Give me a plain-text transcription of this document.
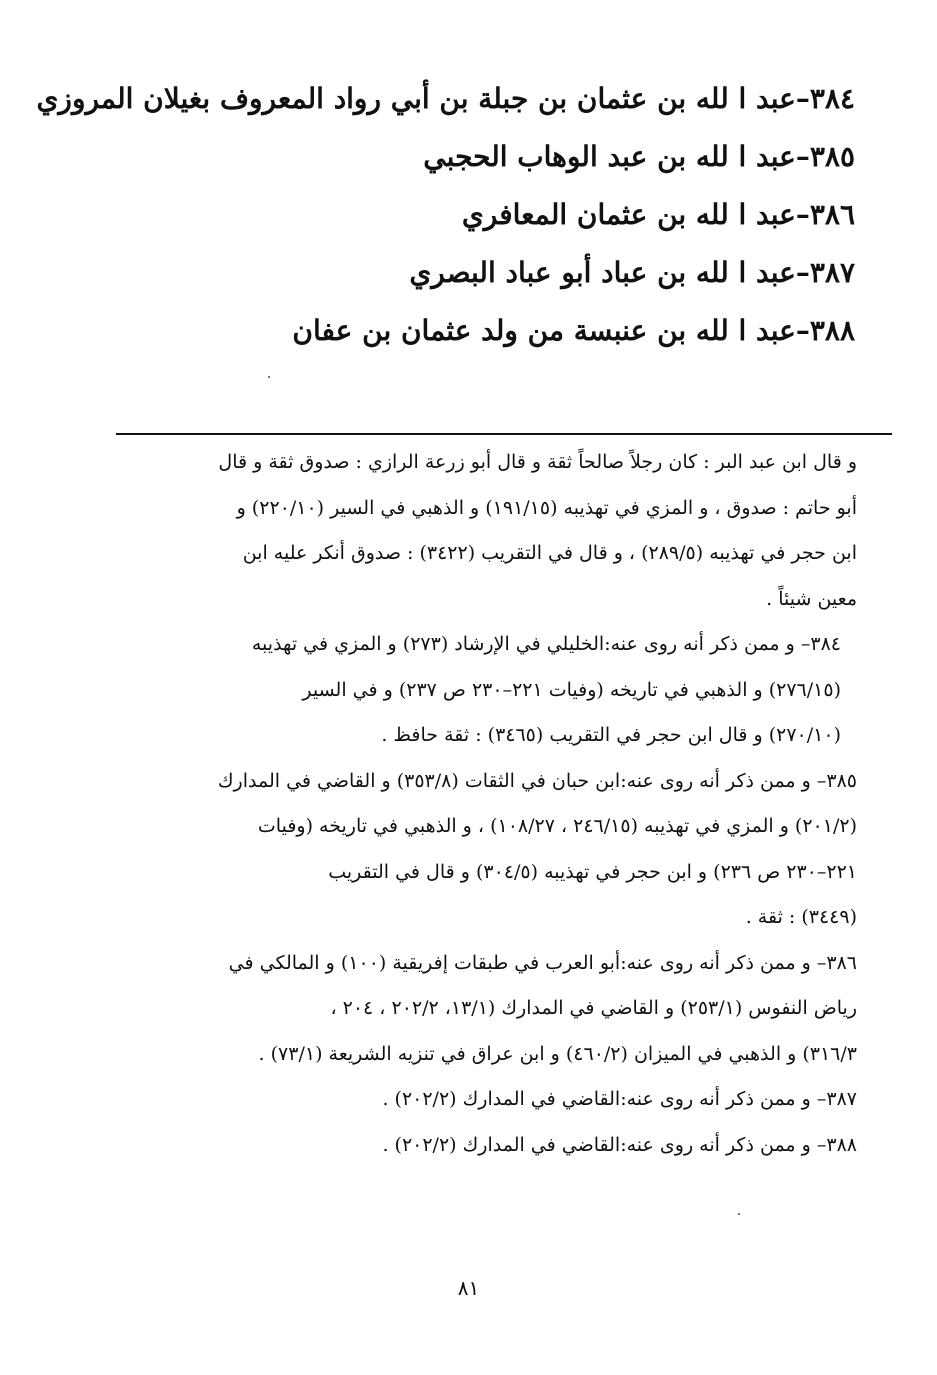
٣٨٤–عبد ا لله بن عثمان بن جبلة بن أبي رواد المعروف بغيلان المروزي
٣٨٥–عبد ا لله بن عبد الوهاب الحجبي
٣٨٦–عبد ا لله بن عثمان المعافري
٣٨٧–عبد ا لله بن عباد أبو عباد البصري
٣٨٨–عبد ا لله بن عنبسة من ولد عثمان بن عفان
و قال ابن عبد البر : كان رجلاً صالحاً ثقة و قال أبو زرعة الرازي : صدوق ثقة و قال
أبو حاتم : صدوق ، و المزي في تهذيبه (١٩١/١٥) و الذهبي في السير (٢٢٠/١٠) و
ابن حجر في تهذيبه (٢٨٩/٥) ، و قال في التقريب (٣٤٢٢) : صدوق أنكر عليه ابن
معين شيئاً .
٣٨٤– و ممن ذكر أنه روى عنه:الخليلي في الإرشاد (٢٧٣) و المزي في تهذيبه
(٢٧٦/١٥) و الذهبي في تاريخه (وفيات ٢٢١–٢٣٠ ص ٢٣٧) و في السير
(٢٧٠/١٠) و قال ابن حجر في التقريب (٣٤٦٥) : ثقة حافظ .
٣٨٥– و ممن ذكر أنه روى عنه:ابن حبان في الثقات (٣٥٣/٨) و القاضي في المدارك
(٢٠١/٢) و المزي في تهذيبه (٢٤٦/١٥ ، ١٠٨/٢٧) ، و الذهبي في تاريخه (وفيات
٢٢١–٢٣٠ ص ٢٣٦) و ابن حجر في تهذيبه (٣٠٤/٥) و قال في التقريب
(٣٤٤٩) : ثقة .
٣٨٦– و ممن ذكر أنه روى عنه:أبو العرب في طبقات إفريقية (١٠٠) و المالكي في
رياض النفوس (٢٥٣/١) و القاضي في المدارك (١٣/١، ٢٠٢/٢ ، ٢٠٤ ،
٣١٦/٣) و الذهبي في الميزان (٤٦٠/٢) و ابن عراق في تنزيه الشريعة (٧٣/١) .
٣٨٧– و ممن ذكر أنه روى عنه:القاضي في المدارك (٢٠٢/٢) .
٣٨٨– و ممن ذكر أنه روى عنه:القاضي في المدارك (٢٠٢/٢) .
٨١
